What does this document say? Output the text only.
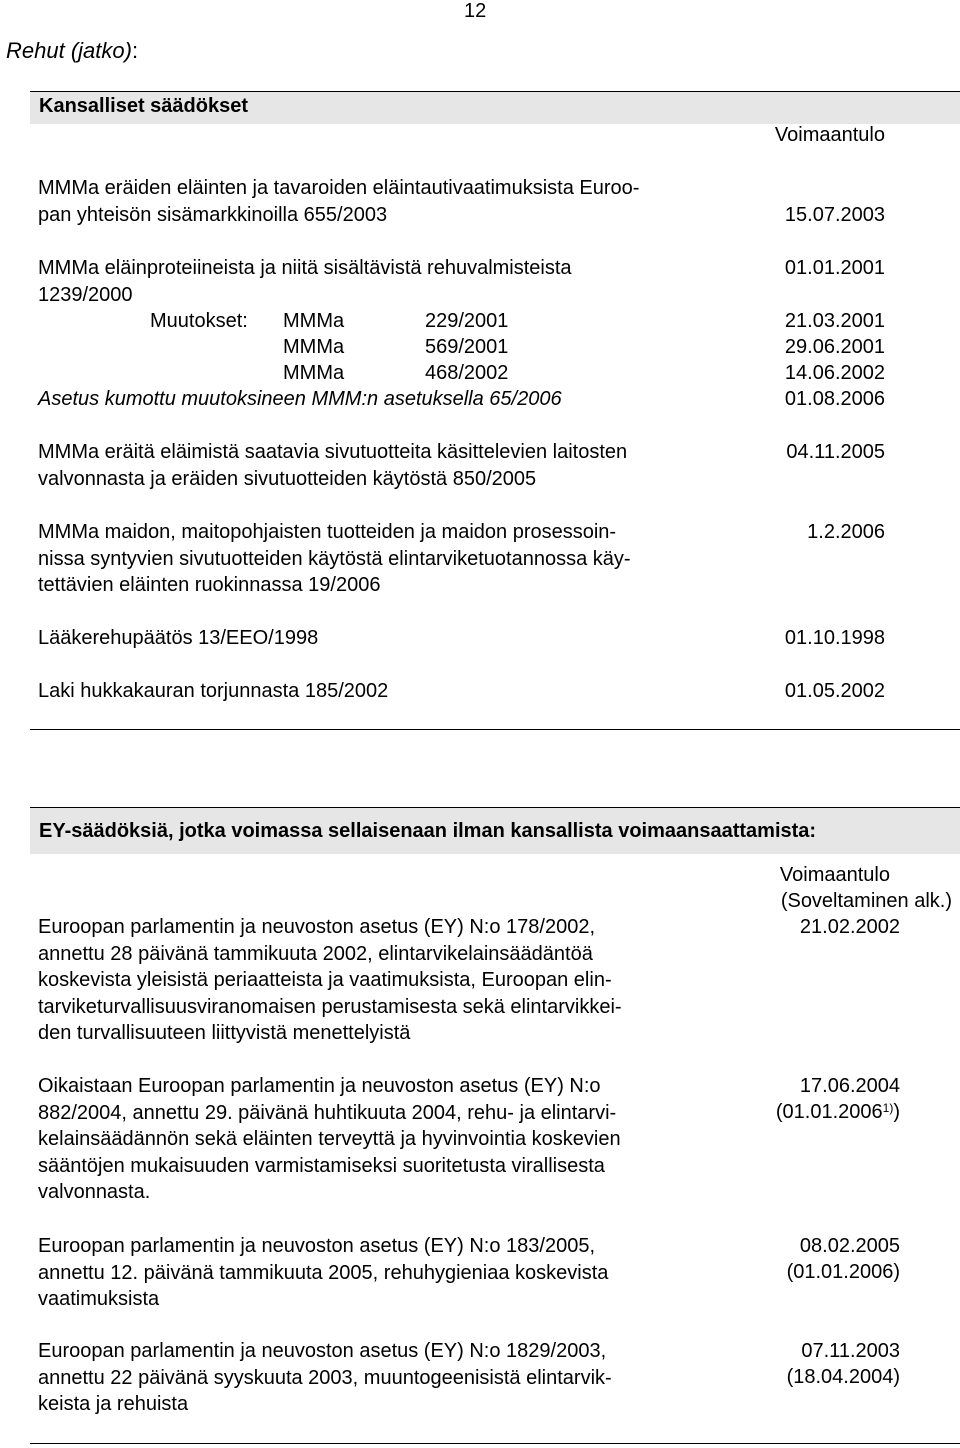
12
Rehut (jatko):
Kansalliset säädökset
Voimaantulo
MMMa eräiden eläinten ja tavaroiden eläintautivaatimuksista Euroo-
pan yhteisön sisämarkkinoilla 655/2003	15.07.2003
MMMa eläinproteiineista ja niitä sisältävistä rehuvalmisteista
1239/2000
01.01.2001
Muutokset: MMMa	229/2001	21.03.2001
MMMa	569/2001	29.06.2001
MMMa	468/2002	14.06.2002
Asetus kumottu muutoksineen MMM:n asetuksella 65/2006	01.08.2006
MMMa eräitä eläimistä saatavia sivutuotteita käsittelevien laitosten
valvonnasta ja eräiden sivutuotteiden käytöstä 850/2005
04.11.2005
MMMa maidon, maitopohjaisten tuotteiden ja maidon prosessoin-
nissa syntyvien sivutuotteiden käytöstä elintarviketuotannossa käy-
tettävien eläinten ruokinnassa 19/2006
1.2.2006
Lääkerehupäätös 13/EEO/1998	01.10.1998
Laki hukkakauran torjunnasta 185/2002	01.05.2002
EY-säädöksiä, jotka voimassa sellaisenaan ilman kansallista voimaansaattamista:
Voimaantulo
(Soveltaminen alk.)
Euroopan parlamentin ja neuvoston asetus (EY) N:o 178/2002,
annettu 28 päivänä tammikuuta 2002, elintarvikelainsäädäntöä
koskevista yleisistä periaatteista ja vaatimuksista, Euroopan elin-
tarviketurvallisuusviranomaisen perustamisesta sekä elintarvikkei-
den turvallisuuteen liittyvistä menettelyistä
21.02.2002
Oikaistaan Euroopan parlamentin ja neuvoston asetus (EY) N:o
882/2004, annettu 29. päivänä huhtikuuta 2004, rehu- ja elintarvi-
kelainsäädännön sekä eläinten terveyttä ja hyvinvointia koskevien
sääntöjen mukaisuuden varmistamiseksi suoritetusta virallisesta
valvonnasta.
17.06.2004
(01.01.2006$^{1)}$)
Euroopan parlamentin ja neuvoston asetus (EY) N:o 183/2005,
annettu 12. päivänä tammikuuta 2005, rehuhygieniaa koskevista
vaatimuksista
08.02.2005
(01.01.2006)
Euroopan parlamentin ja neuvoston asetus (EY) N:o 1829/2003,
annettu 22 päivänä syyskuuta 2003, muuntogeenisistä elintarvik-
keista ja rehuista
07.11.2003
(18.04.2004)
